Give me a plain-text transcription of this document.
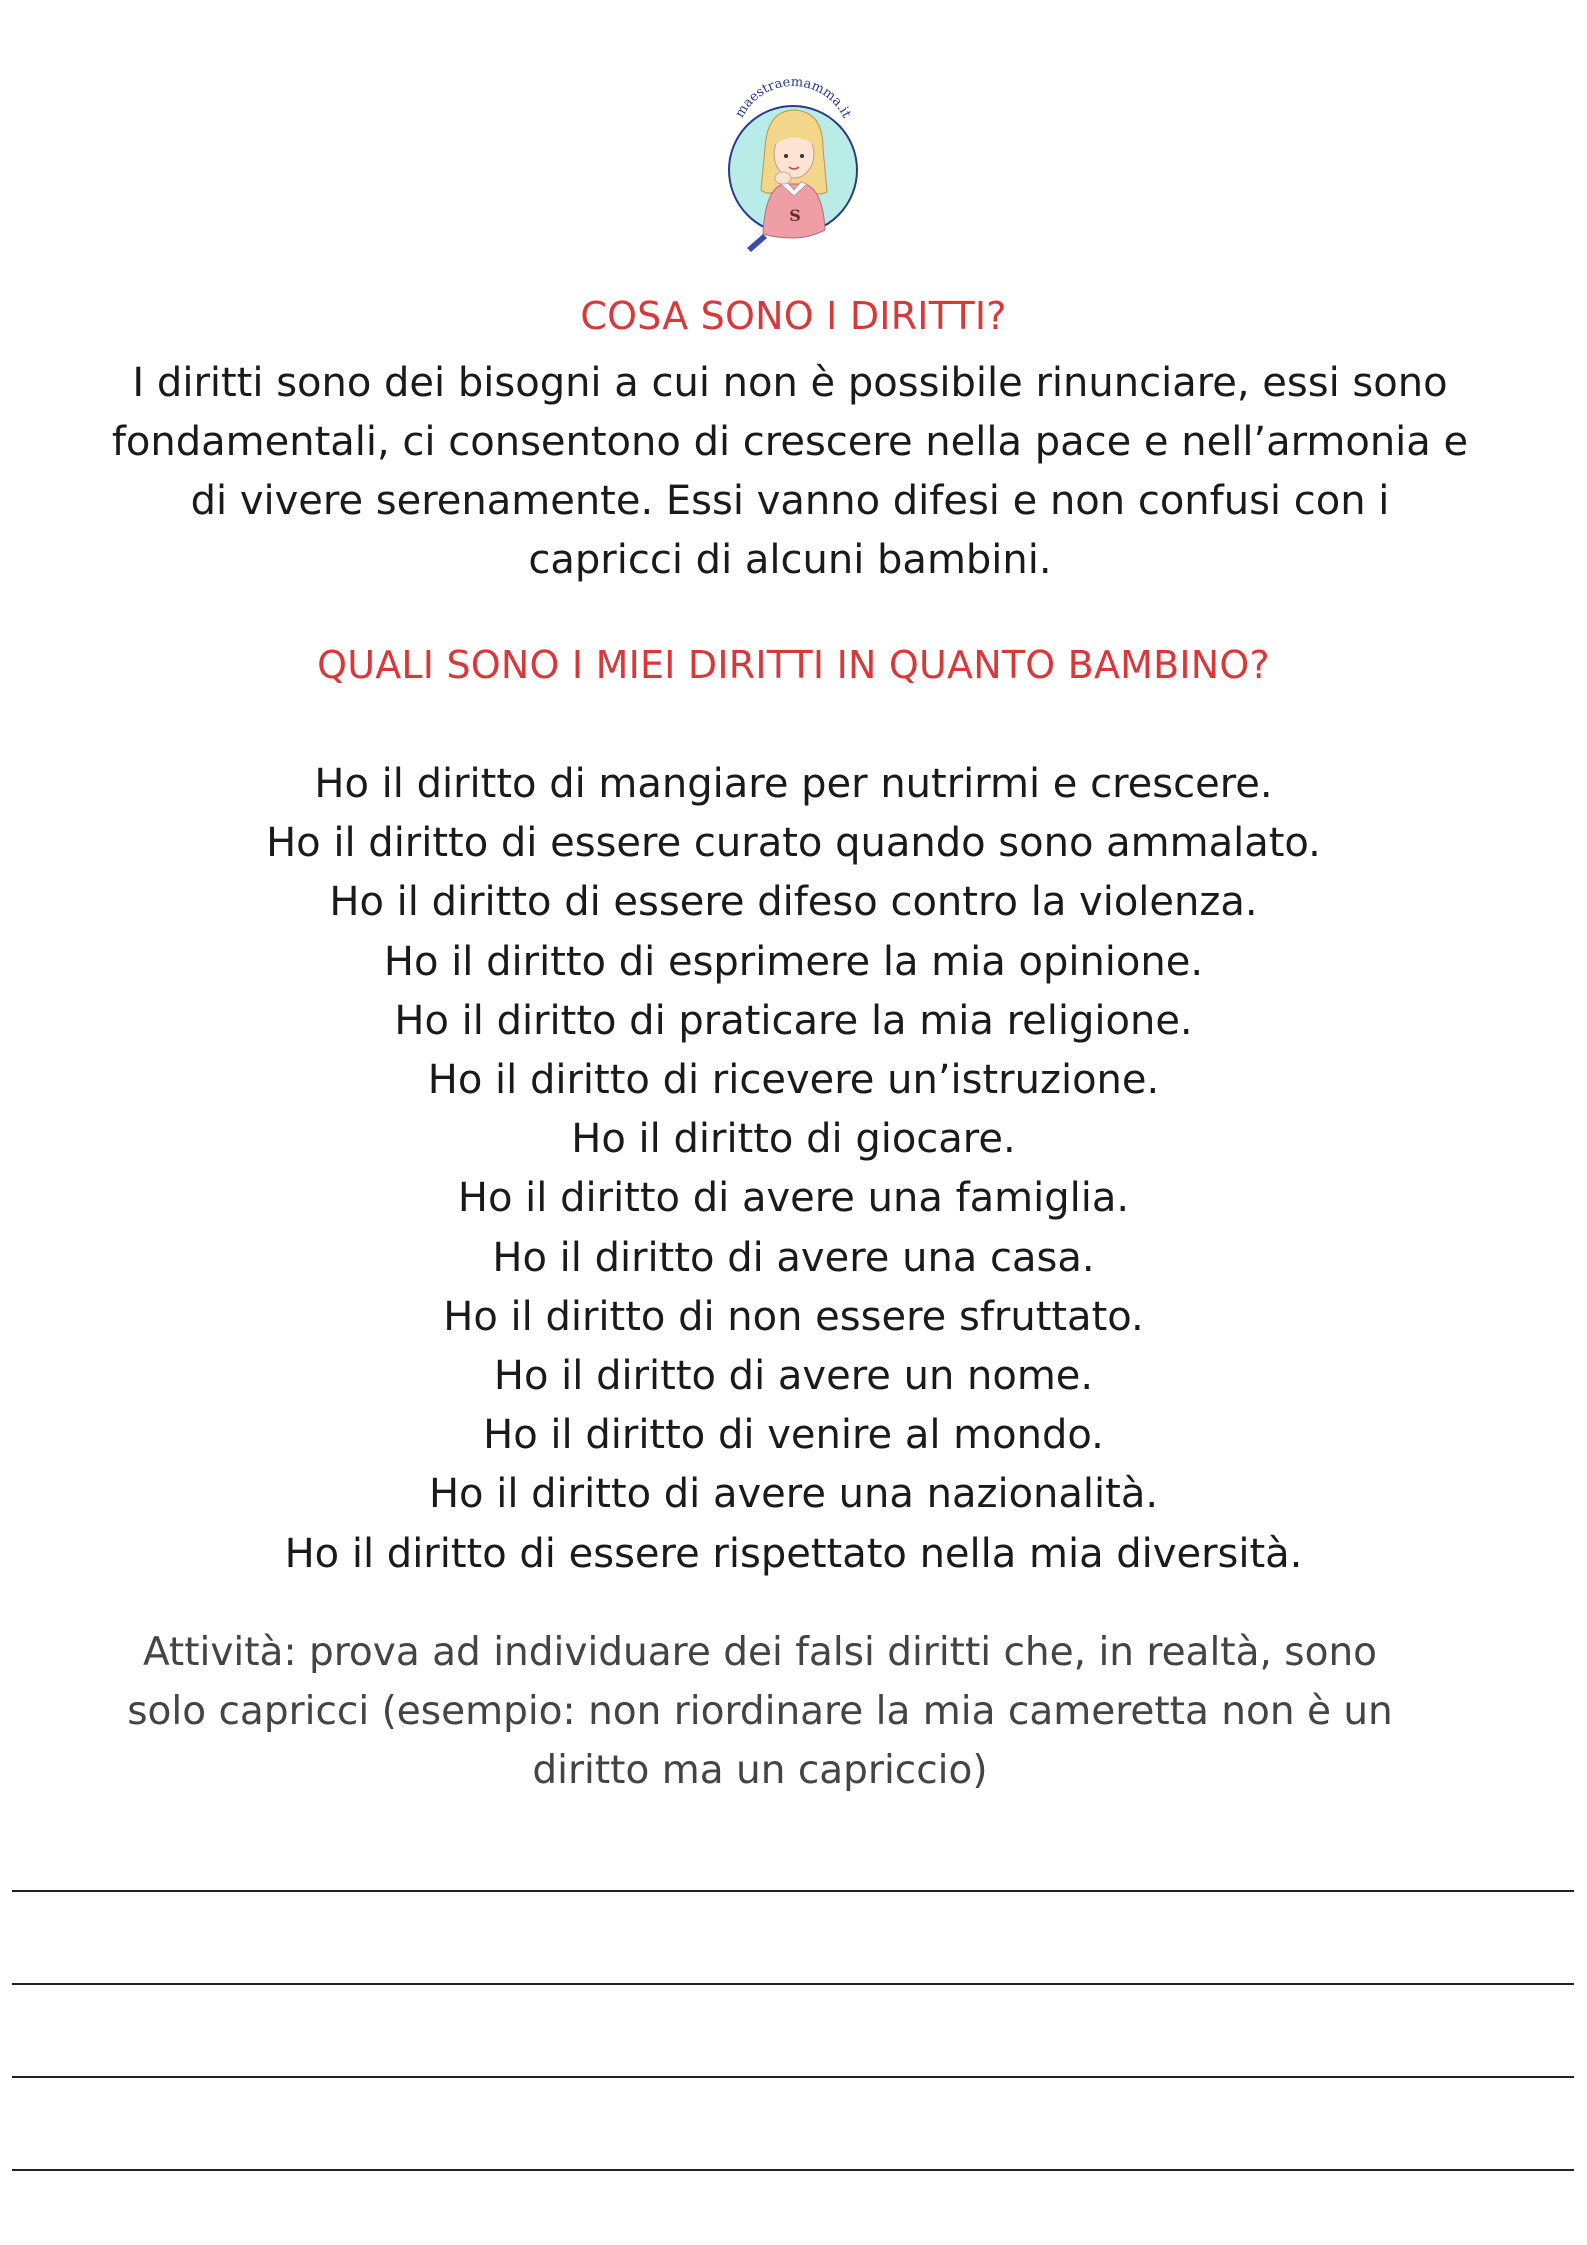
maestraemamma.it
S
COSA SONO I DIRITTI?

I diritti sono dei bisogni a cui non è possibile rinunciare, essi sono fondamentali, ci consentono di crescere nella pace e nell’armonia e di vivere serenamente. Essi vanno difesi e non confusi con i capricci di alcuni bambini.

QUALI SONO I MIEI DIRITTI IN QUANTO BAMBINO?
Ho il diritto di mangiare per nutrirmi e crescere.
Ho il diritto di essere curato quando sono ammalato.
Ho il diritto di essere difeso contro la violenza.
Ho il diritto di esprimere la mia opinione.
Ho il diritto di praticare la mia religione.
Ho il diritto di ricevere un’istruzione.
Ho il diritto di giocare.
Ho il diritto di avere una famiglia.
Ho il diritto di avere una casa.
Ho il diritto di non essere sfruttato.
Ho il diritto di avere un nome.
Ho il diritto di venire al mondo.
Ho il diritto di avere una nazionalità.
Ho il diritto di essere rispettato nella mia diversità.

Attività: prova ad individuare dei falsi diritti che, in realtà, sono solo capricci (esempio: non riordinare la mia cameretta non è un diritto ma un capriccio)
